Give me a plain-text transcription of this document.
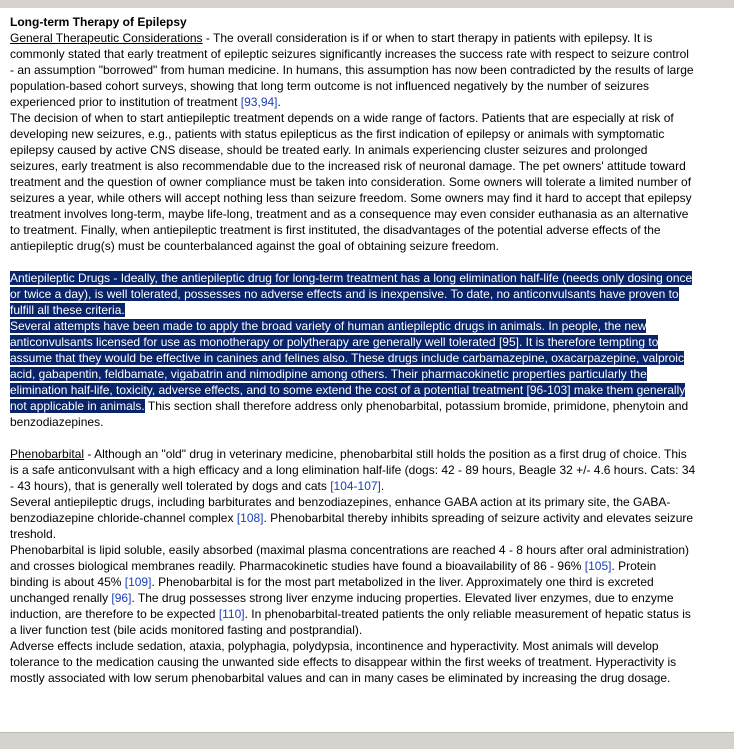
Long-term Therapy of Epilepsy

General Therapeutic Considerations - The overall consideration is if or when to start therapy in patients with epilepsy. It is commonly stated that early treatment of epileptic seizures significantly increases the success rate with respect to seizure control - an assumption "borrowed" from human medicine. In humans, this assumption has now been contradicted by the results of large population-based cohort surveys, showing that long term outcome is not influenced negatively by the number of seizures experienced prior to institution of treatment [93,94].

The decision of when to start antiepileptic treatment depends on a wide range of factors. Patients that are especially at risk of developing new seizures, e.g., patients with status epilepticus as the first indication of epilepsy or animals with symptomatic epilepsy caused by active CNS disease, should be treated early. In animals experiencing cluster seizures and prolonged seizures, early treatment is also recommendable due to the increased risk of neuronal damage. The pet owners' attitude toward treatment and the question of owner compliance must be taken into consideration. Some owners will tolerate a limited number of seizures a year, while others will accept nothing less than seizure freedom. Some owners may find it hard to accept that epilepsy treatment involves long-term, maybe life-long, treatment and as a consequence may even consider euthanasia as an alternative to treatment. Finally, when antiepileptic treatment is first instituted, the disadvantages of the potential adverse effects of the antiepileptic drug(s) must be counterbalanced against the goal of obtaining seizure freedom.

Antiepileptic Drugs - Ideally, the antiepileptic drug for long-term treatment has a long elimination half-life (needs only dosing once or twice a day), is well tolerated, possesses no adverse effects and is inexpensive. To date, no anticonvulsants have proven to fulfill all these criteria.

Several attempts have been made to apply the broad variety of human antiepileptic drugs in animals. In people, the new anticonvulsants licensed for use as monotherapy or polytherapy are generally well tolerated [95]. It is therefore tempting to assume that they would be effective in canines and felines also. These drugs include carbamazepine, oxacarpazepine, valproic acid, gabapentin, feldbamate, vigabatrin and nimodipine among others. Their pharmacokinetic properties particularly the elimination half-life, toxicity, adverse effects, and to some extend the cost of a potential treatment [96-103] make them generally not applicable in animals. This section shall therefore address only phenobarbital, potassium bromide, primidone, phenytoin and benzodiazepines.

Phenobarbital - Although an "old" drug in veterinary medicine, phenobarbital still holds the position as a first drug of choice. This is a safe anticonvulsant with a high efficacy and a long elimination half-life (dogs: 42 - 89 hours, Beagle 32 +/- 4.6 hours. Cats: 34 - 43 hours), that is generally well tolerated by dogs and cats [104-107].

Several antiepileptic drugs, including barbiturates and benzodiazepines, enhance GABA action at its primary site, the GABA-benzodiazepine chloride-channel complex [108]. Phenobarbital thereby inhibits spreading of seizure activity and elevates seizure treshold.

Phenobarbital is lipid soluble, easily absorbed (maximal plasma concentrations are reached 4 - 8 hours after oral administration) and crosses biological membranes readily. Pharmacokinetic studies have found a bioavailability of 86 - 96% [105]. Protein binding is about 45% [109]. Phenobarbital is for the most part metabolized in the liver. Approximately one third is excreted unchanged renally [96]. The drug possesses strong liver enzyme inducing properties. Elevated liver enzymes, due to enzyme induction, are therefore to be expected [110]. In phenobarbital-treated patients the only reliable measurement of hepatic status is a liver function test (bile acids monitored fasting and postprandial).

Adverse effects include sedation, ataxia, polyphagia, polydypsia, incontinence and hyperactivity. Most animals will develop tolerance to the medication causing the unwanted side effects to disappear within the first weeks of treatment. Hyperactivity is mostly associated with low serum phenobarbital values and can in many cases be eliminated by increasing the drug dosage.
